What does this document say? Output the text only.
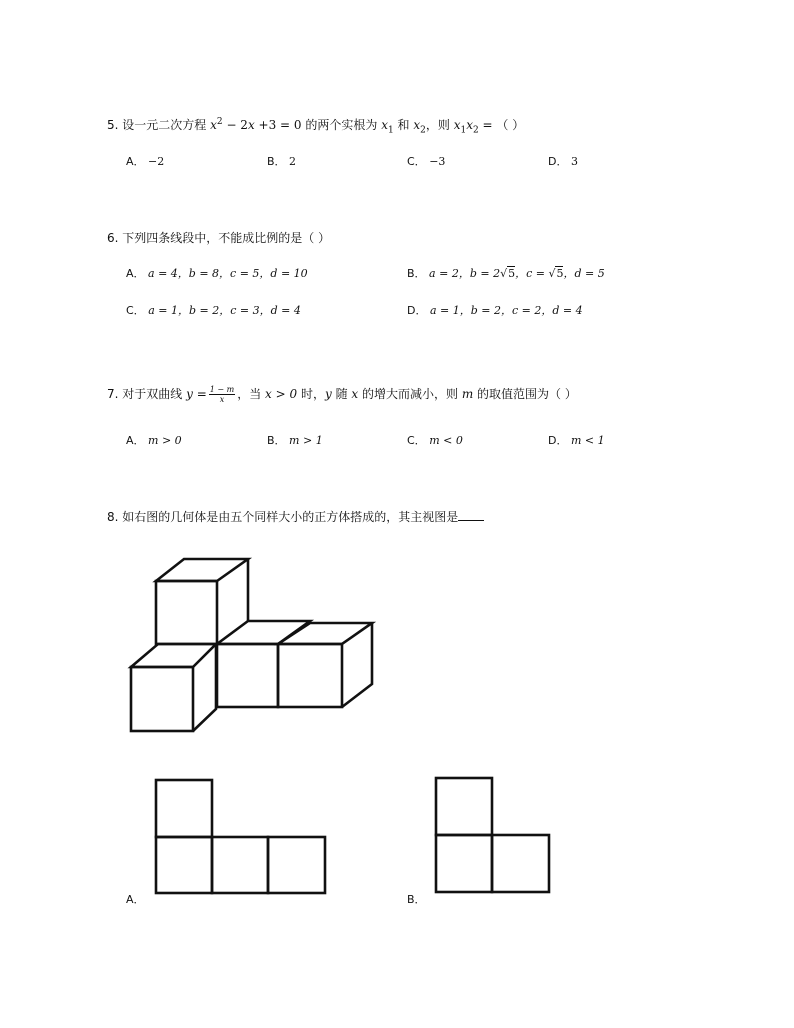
5. 设一元二次方程 $x^2 - 2x +3 = 0$ 的两个实根为 $x_1$ 和 $x_2$，则 $x_1x_2$ = （ ）
A． −2	B． 2	C． −3	D． 3
6. 下列四条线段中，不能成比例的是（ ）
A． a = 4，b = 8，c = 5，d = 10	B． a = 2，b = 2√5，c = √5，d = 5
C． a = 1，b = 2，c = 3，d = 4	D． a = 1，b = 2，c = 2，d = 4
7. 对于双曲线 $y = \frac{1 - m}{x}$ ，当 x > 0 时，y 随 x 的增大而减小，则 m 的取值范围为（ ）
A． m > 0	B． m > 1	C． m < 0	D． m < 1
8. 如右图的几何体是由五个同样大小的正方体搭成的，其主视图是
A．	B．
